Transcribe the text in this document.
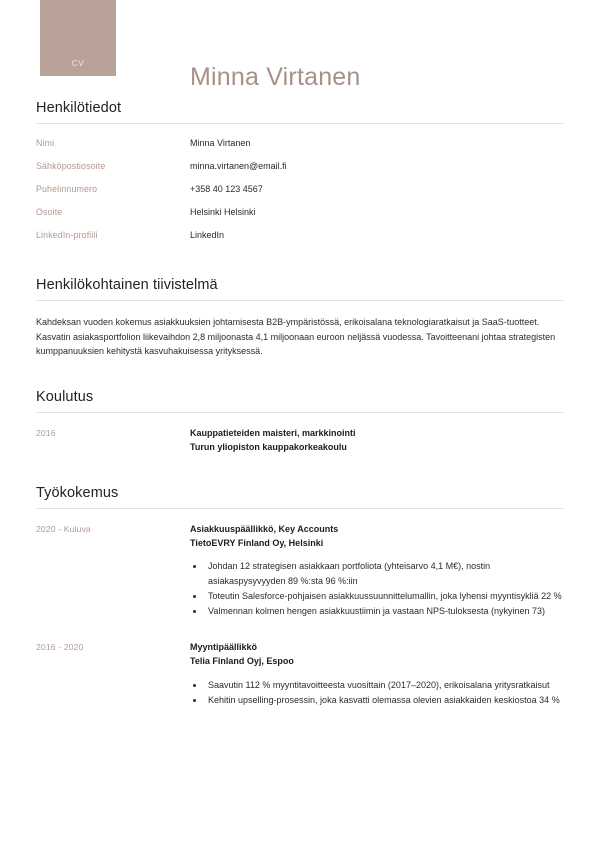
CV	Minna Virtanen
Henkilötiedot
Nimi	Minna Virtanen
Sähköpostiosoite	minna.virtanen@email.fi
Puhelinnumero	+358 40 123 4567
Osoite	Helsinki Helsinki
LinkedIn-profiili	LinkedIn
Henkilökohtainen tiivistelmä

Kahdeksan vuoden kokemus asiakkuuksien johtamisesta B2B-ympäristössä, erikoisalana teknologiaratkaisut ja SaaS-tuotteet. Kasvatin asiakasportfolion liikevaihdon 2,8 miljoonasta 4,1 miljoonaan euroon neljässä vuodessa. Tavoitteenani johtaa strategisten kumppanuuksien kehitystä kasvuhakuisessa yrityksessä.

Koulutus
2016	Kauppatieteiden maisteri, markkinointi
Turun yliopiston kauppakorkeakoulu
Työkokemus
2020 - Kuluva	Asiakkuuspäällikkö, Key Accounts
TietoEVRY Finland Oy, Helsinki
• Johdan 12 strategisen asiakkaan portfoliota (yhteisarvo 4,1 M€), nostin asiakaspysyvyyden 89 %:sta 96 %:iin
• Toteutin Salesforce-pohjaisen asiakkuussuunnittelumallin, joka lyhensi myyntisykliä 22 %
• Valmennan kolmen hengen asiakkuustiimin ja vastaan NPS-tuloksesta (nykyinen 73)
2016 - 2020	Myyntipäällikkö
Telia Finland Oyj, Espoo
• Saavutin 112 % myyntitavoitteesta vuosittain (2017–2020), erikoisalana yritysratkaisut
• Kehitin upselling-prosessin, joka kasvatti olemassa olevien asiakkaiden keskiostoa 34 %
